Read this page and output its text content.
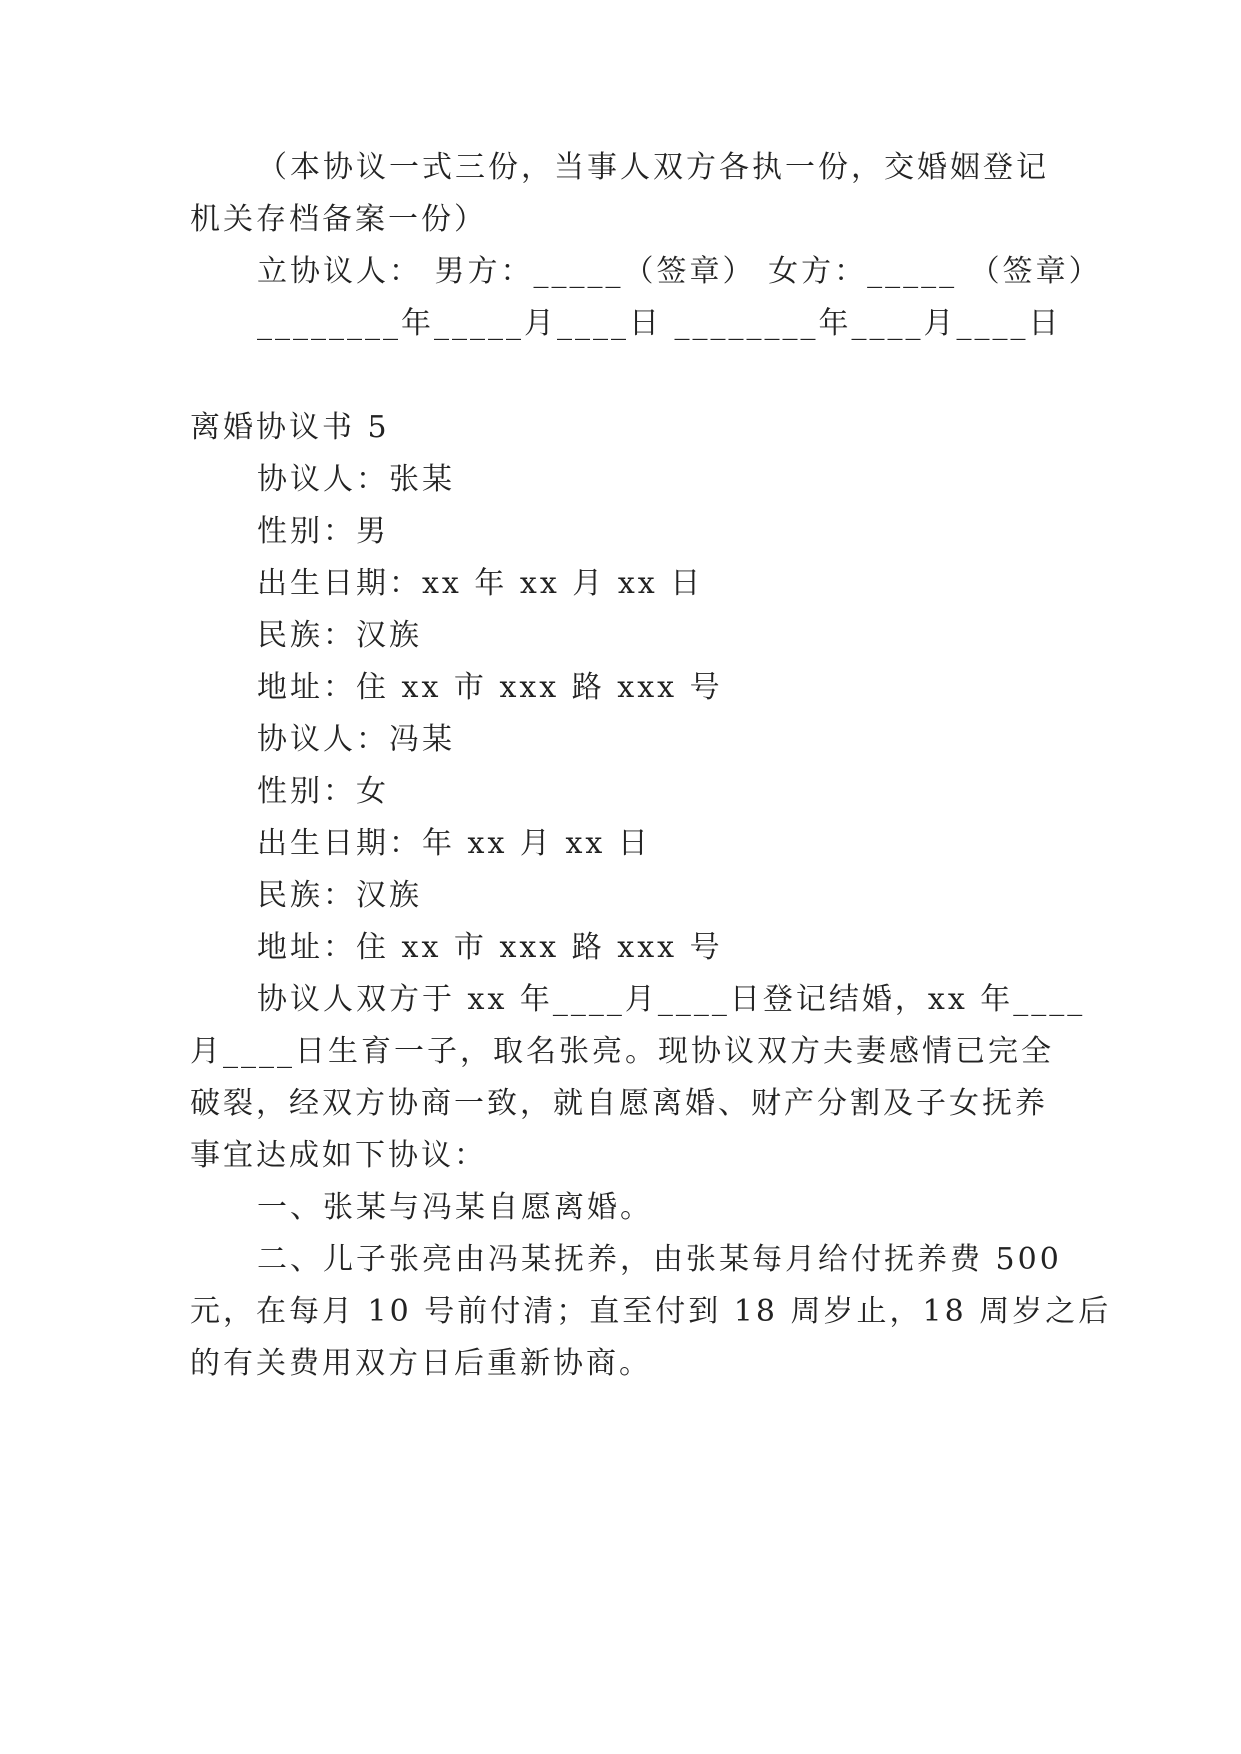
（本协议一式三份，当事人双方各执一份，交婚姻登记

机关存档备案一份）

立协议人： 男方：_____（签章） 女方：_____ （签章）

________年_____月____日 ________年____月____日

离婚协议书 5

协议人：张某

性别：男

出生日期：xx 年 xx 月 xx 日

民族：汉族

地址：住 xx 市 xxx 路 xxx 号

协议人：冯某

性别：女

出生日期：年 xx 月 xx 日

民族：汉族

地址：住 xx 市 xxx 路 xxx 号

协议人双方于 xx 年____月____日登记结婚，xx 年____

月____日生育一子，取名张亮。现协议双方夫妻感情已完全

破裂，经双方协商一致，就自愿离婚、财产分割及子女抚养

事宜达成如下协议：

一、张某与冯某自愿离婚。

二、儿子张亮由冯某抚养，由张某每月给付抚养费 500

元，在每月 10 号前付清；直至付到 18 周岁止，18 周岁之后

的有关费用双方日后重新协商。
